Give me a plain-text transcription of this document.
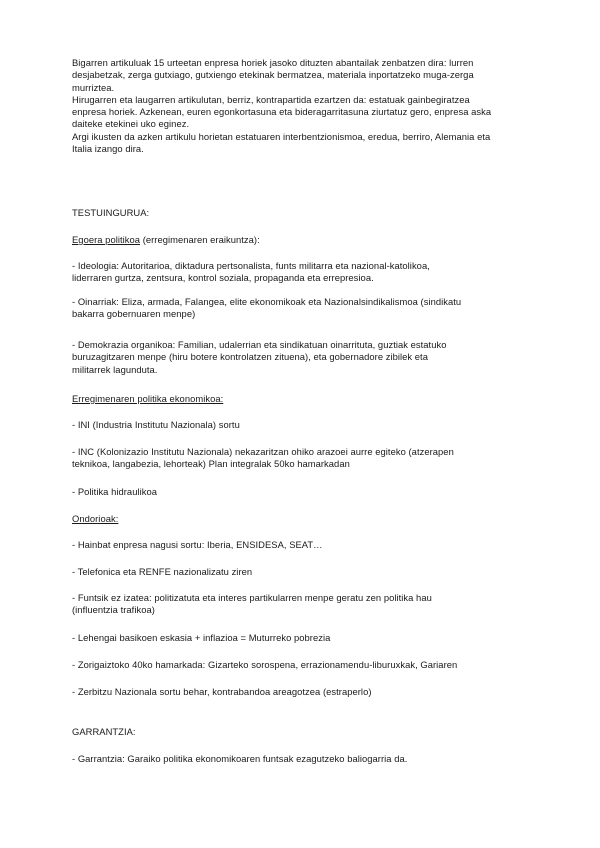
Bigarren artikuluak 15 urteetan enpresa horiek jasoko dituzten abantailak zenbatzen dira: lurren

desjabetzak, zerga gutxiago, gutxiengo etekinak bermatzea, materiala inportatzeko muga-zerga

murriztea.

Hirugarren eta laugarren artikulutan, berriz, kontrapartida ezartzen da: estatuak gainbegiratzea

enpresa horiek. Azkenean, euren egonkortasuna eta bideragarritasuna ziurtatuz gero, enpresa aska

daiteke etekinei uko eginez.

Argi ikusten da azken artikulu horietan estatuaren interbentzionismoa, eredua, berriro, Alemania eta

Italia izango dira.

TESTUINGURUA:

Egoera politikoa (erregimenaren eraikuntza):

- Ideologia: Autoritarioa, diktadura pertsonalista, funts militarra eta nazional-katolikoa,
liderraren gurtza, zentsura, kontrol soziala, propaganda eta errepresioa.

- Oinarriak: Eliza, armada, Falangea, elite ekonomikoak eta Nazionalsindikalismoa (sindikatu
bakarra gobernuaren menpe)

- Demokrazia organikoa: Familian, udalerrian eta sindikatuan oinarrituta, guztiak estatuko
buruzagitzaren menpe (hiru botere kontrolatzen zituena), eta gobernadore zibilek eta
militarrek lagunduta.

Erregimenaren politika ekonomikoa:

- INI (Industria Institutu Nazionala) sortu

- INC (Kolonizazio Institutu Nazionala) nekazaritzan ohiko arazoei aurre egiteko (atzerapen
teknikoa, langabezia, lehorteak) Plan integralak 50ko hamarkadan

- Politika hidraulikoa

Ondorioak:

- Hainbat enpresa nagusi sortu: Iberia, ENSIDESA, SEAT…

- Telefonica eta RENFE nazionalizatu ziren

- Funtsik ez izatea: politizatuta eta interes partikularren menpe geratu zen politika hau
(influentzia trafikoa)

- Lehengai basikoen eskasia + inflazioa = Muturreko pobrezia

- Zorigaiztoko 40ko hamarkada: Gizarteko sorospena, errazionamendu-liburuxkak, Gariaren

- Zerbitzu Nazionala sortu behar, kontrabandoa areagotzea (estraperlo)

GARRANTZIA:

- Garrantzia: Garaiko politika ekonomikoaren funtsak ezagutzeko baliogarria da.
